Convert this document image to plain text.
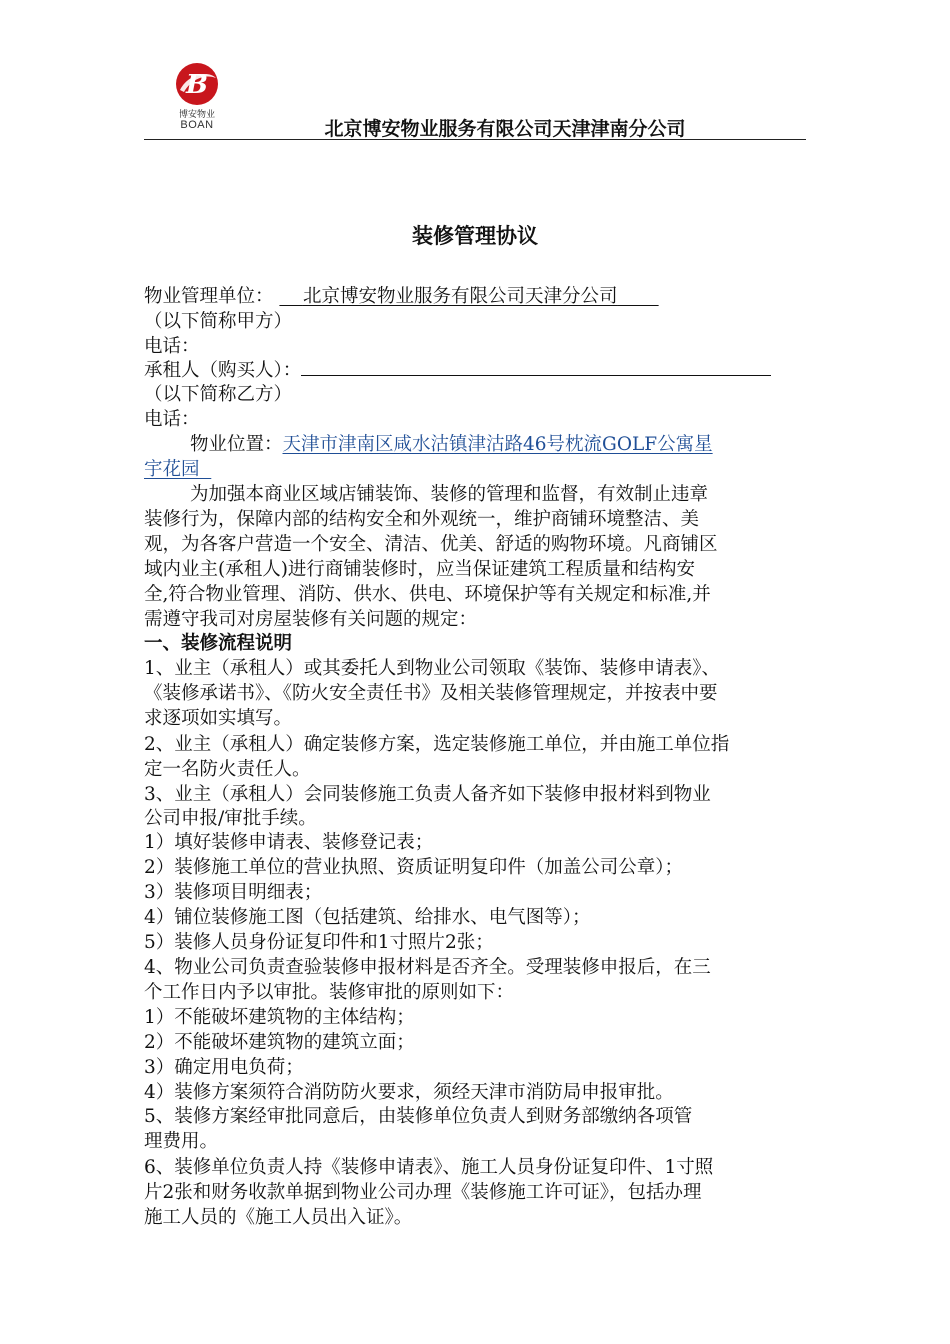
B
博安物业
BOAN	北京博安物业服务有限公司天津津南分公司
装修管理协议
物业管理单位： 北京博安物业服务有限公司天津分公司
（以下简称甲方）
电话：
承租人（购买人）：
（以下简称乙方）
电话：
物业位置：天津市津南区咸水沽镇津沽路46号枕流GOLF公寓星
宇花园
为加强本商业区域店铺装饰、装修的管理和监督，有效制止违章
装修行为，保障内部的结构安全和外观统一，维护商铺环境整洁、美
观，为各客户营造一个安全、清洁、优美、舒适的购物环境。凡商铺区
域内业主(承租人)进行商铺装修时，应当保证建筑工程质量和结构安
全,符合物业管理、消防、供水、供电、环境保护等有关规定和标准,并
需遵守我司对房屋装修有关问题的规定：
一、装修流程说明
1、业主（承租人）或其委托人到物业公司领取《装饰、装修申请表》、
《装修承诺书》、《防火安全责任书》及相关装修管理规定，并按表中要
求逐项如实填写。
2、业主（承租人）确定装修方案，选定装修施工单位，并由施工单位指
定一名防火责任人。
3、业主（承租人）会同装修施工负责人备齐如下装修申报材料到物业
公司申报/审批手续。
1）填好装修申请表、装修登记表；
2）装修施工单位的营业执照、资质证明复印件（加盖公司公章）；
3）装修项目明细表；
4）铺位装修施工图（包括建筑、给排水、电气图等）；
5）装修人员身份证复印件和1寸照片2张；
4、物业公司负责查验装修申报材料是否齐全。受理装修申报后，在三
个工作日内予以审批。装修审批的原则如下：
1）不能破坏建筑物的主体结构；
2）不能破坏建筑物的建筑立面；
3）确定用电负荷；
4）装修方案须符合消防防火要求，须经天津市消防局申报审批。
5、装修方案经审批同意后，由装修单位负责人到财务部缴纳各项管
理费用。
6、装修单位负责人持《装修申请表》、施工人员身份证复印件、1寸照
片2张和财务收款单据到物业公司办理《装修施工许可证》，包括办理
施工人员的《施工人员出入证》。
